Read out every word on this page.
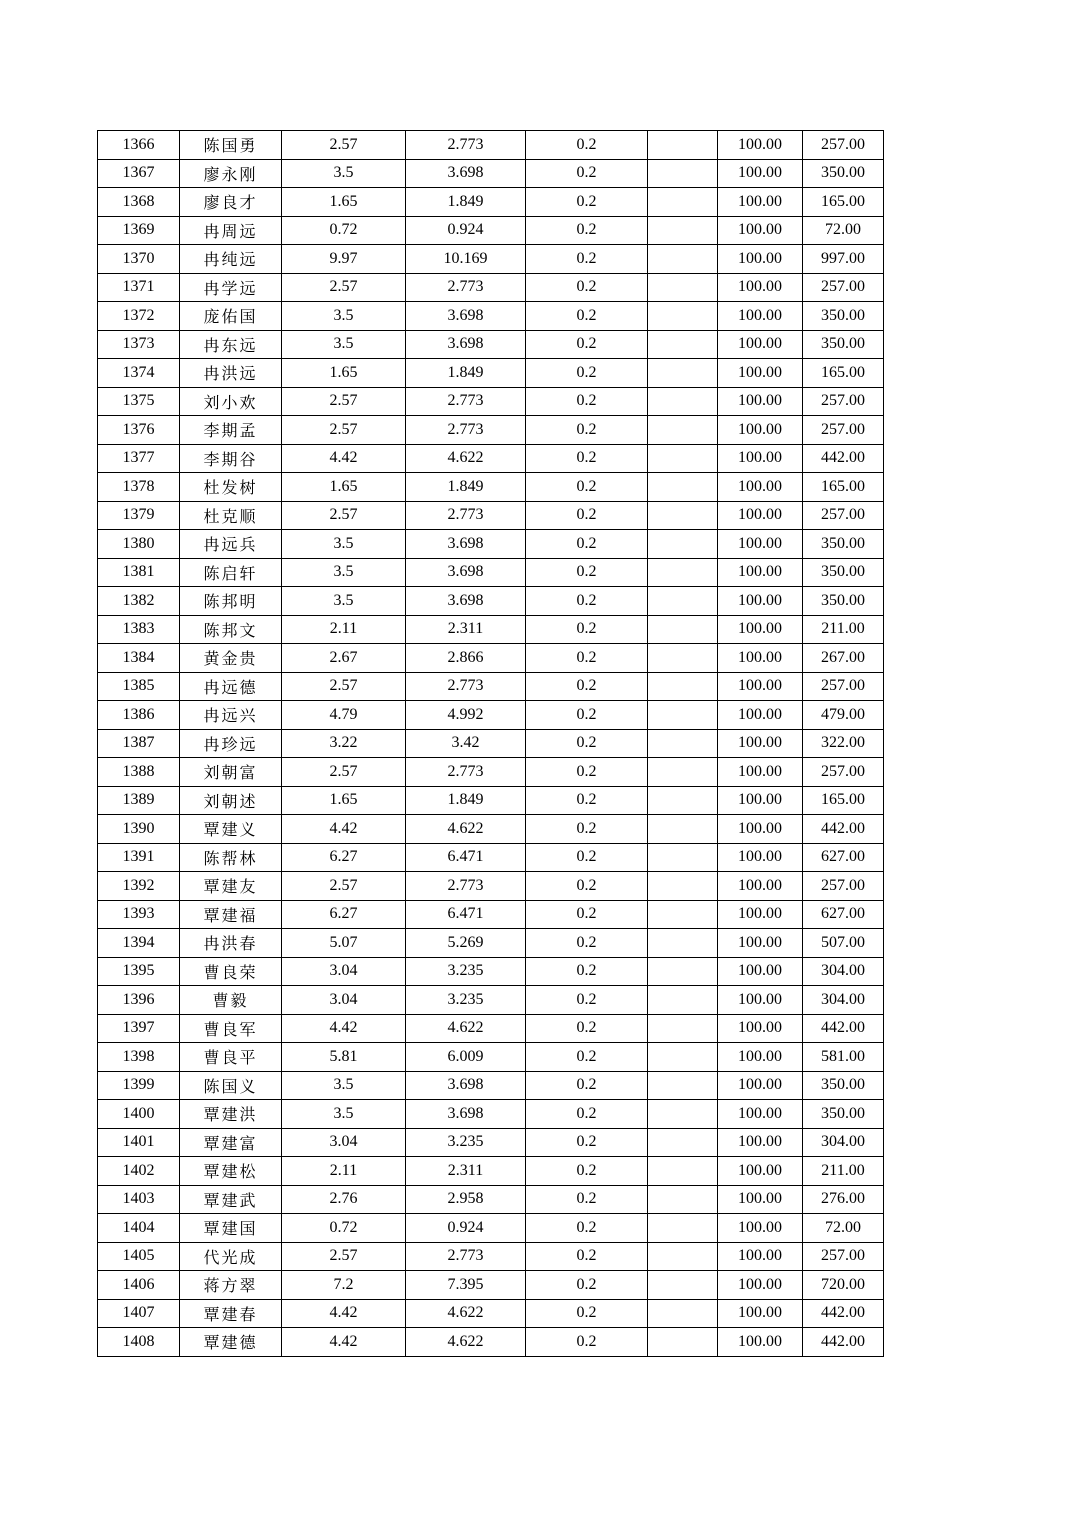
1366	陈国勇	2.57	2.773	0.2		100.00	257.00
1367	廖永刚	3.5	3.698	0.2		100.00	350.00
1368	廖良才	1.65	1.849	0.2		100.00	165.00
1369	冉周远	0.72	0.924	0.2		100.00	72.00
1370	冉纯远	9.97	10.169	0.2		100.00	997.00
1371	冉学远	2.57	2.773	0.2		100.00	257.00
1372	庞佑国	3.5	3.698	0.2		100.00	350.00
1373	冉东远	3.5	3.698	0.2		100.00	350.00
1374	冉洪远	1.65	1.849	0.2		100.00	165.00
1375	刘小欢	2.57	2.773	0.2		100.00	257.00
1376	李期孟	2.57	2.773	0.2		100.00	257.00
1377	李期谷	4.42	4.622	0.2		100.00	442.00
1378	杜发树	1.65	1.849	0.2		100.00	165.00
1379	杜克顺	2.57	2.773	0.2		100.00	257.00
1380	冉远兵	3.5	3.698	0.2		100.00	350.00
1381	陈启轩	3.5	3.698	0.2		100.00	350.00
1382	陈邦明	3.5	3.698	0.2		100.00	350.00
1383	陈邦文	2.11	2.311	0.2		100.00	211.00
1384	黄金贵	2.67	2.866	0.2		100.00	267.00
1385	冉远德	2.57	2.773	0.2		100.00	257.00
1386	冉远兴	4.79	4.992	0.2		100.00	479.00
1387	冉珍远	3.22	3.42	0.2		100.00	322.00
1388	刘朝富	2.57	2.773	0.2		100.00	257.00
1389	刘朝述	1.65	1.849	0.2		100.00	165.00
1390	覃建义	4.42	4.622	0.2		100.00	442.00
1391	陈帮林	6.27	6.471	0.2		100.00	627.00
1392	覃建友	2.57	2.773	0.2		100.00	257.00
1393	覃建福	6.27	6.471	0.2		100.00	627.00
1394	冉洪春	5.07	5.269	0.2		100.00	507.00
1395	曹良荣	3.04	3.235	0.2		100.00	304.00
1396	曹毅	3.04	3.235	0.2		100.00	304.00
1397	曹良军	4.42	4.622	0.2		100.00	442.00
1398	曹良平	5.81	6.009	0.2		100.00	581.00
1399	陈国义	3.5	3.698	0.2		100.00	350.00
1400	覃建洪	3.5	3.698	0.2		100.00	350.00
1401	覃建富	3.04	3.235	0.2		100.00	304.00
1402	覃建松	2.11	2.311	0.2		100.00	211.00
1403	覃建武	2.76	2.958	0.2		100.00	276.00
1404	覃建国	0.72	0.924	0.2		100.00	72.00
1405	代光成	2.57	2.773	0.2		100.00	257.00
1406	蒋方翠	7.2	7.395	0.2		100.00	720.00
1407	覃建春	4.42	4.622	0.2		100.00	442.00
1408	覃建德	4.42	4.622	0.2		100.00	442.00
